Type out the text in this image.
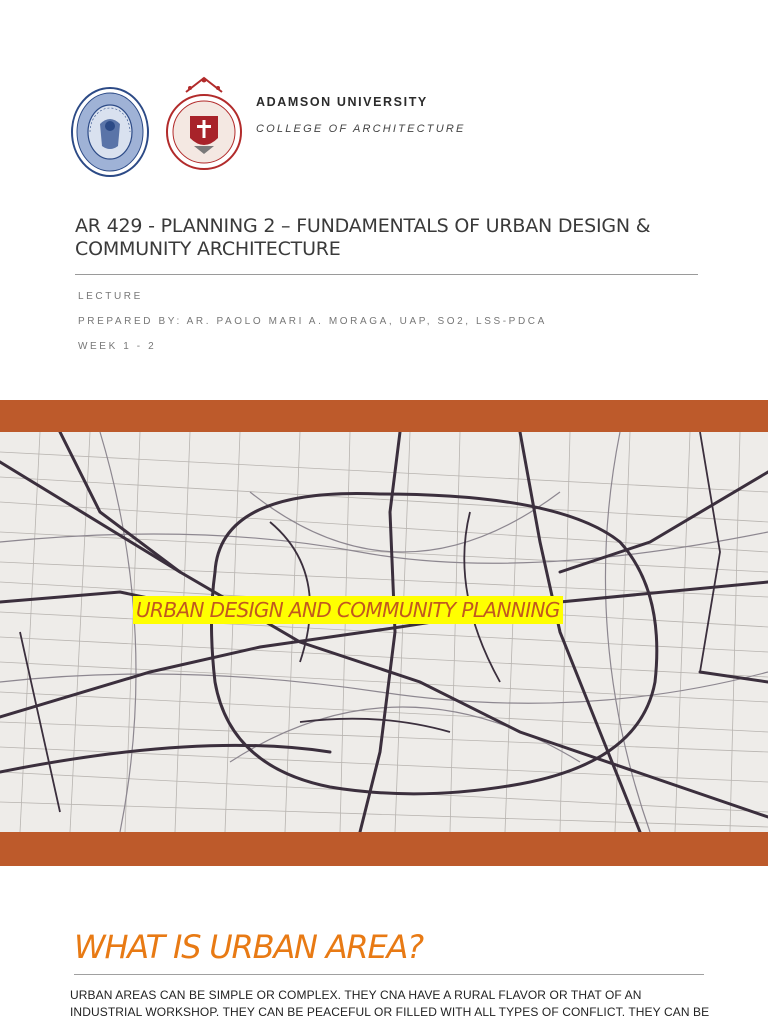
ADAMSON UNIVERSITY
COLLEGE OF ARCHITECTURE
AR 429 - PLANNING 2 – FUNDAMENTALS OF URBAN DESIGN & COMMUNITY ARCHITECTURE
LECTURE
PREPARED BY: AR. PAOLO MARI A. MORAGA, UAP, SO2, LSS-PDCA
WEEK 1 - 2
URBAN DESIGN AND COMMUNITY PLANNING
WHAT IS URBAN AREA?
URBAN AREAS CAN BE SIMPLE OR COMPLEX. THEY CNA HAVE A RURAL FLAVOR OR THAT OF AN INDUSTRIAL WORKSHOP. THEY CAN BE PEACEFUL OR FILLED WITH ALL TYPES OF CONFLICT. THEY CAN BE
